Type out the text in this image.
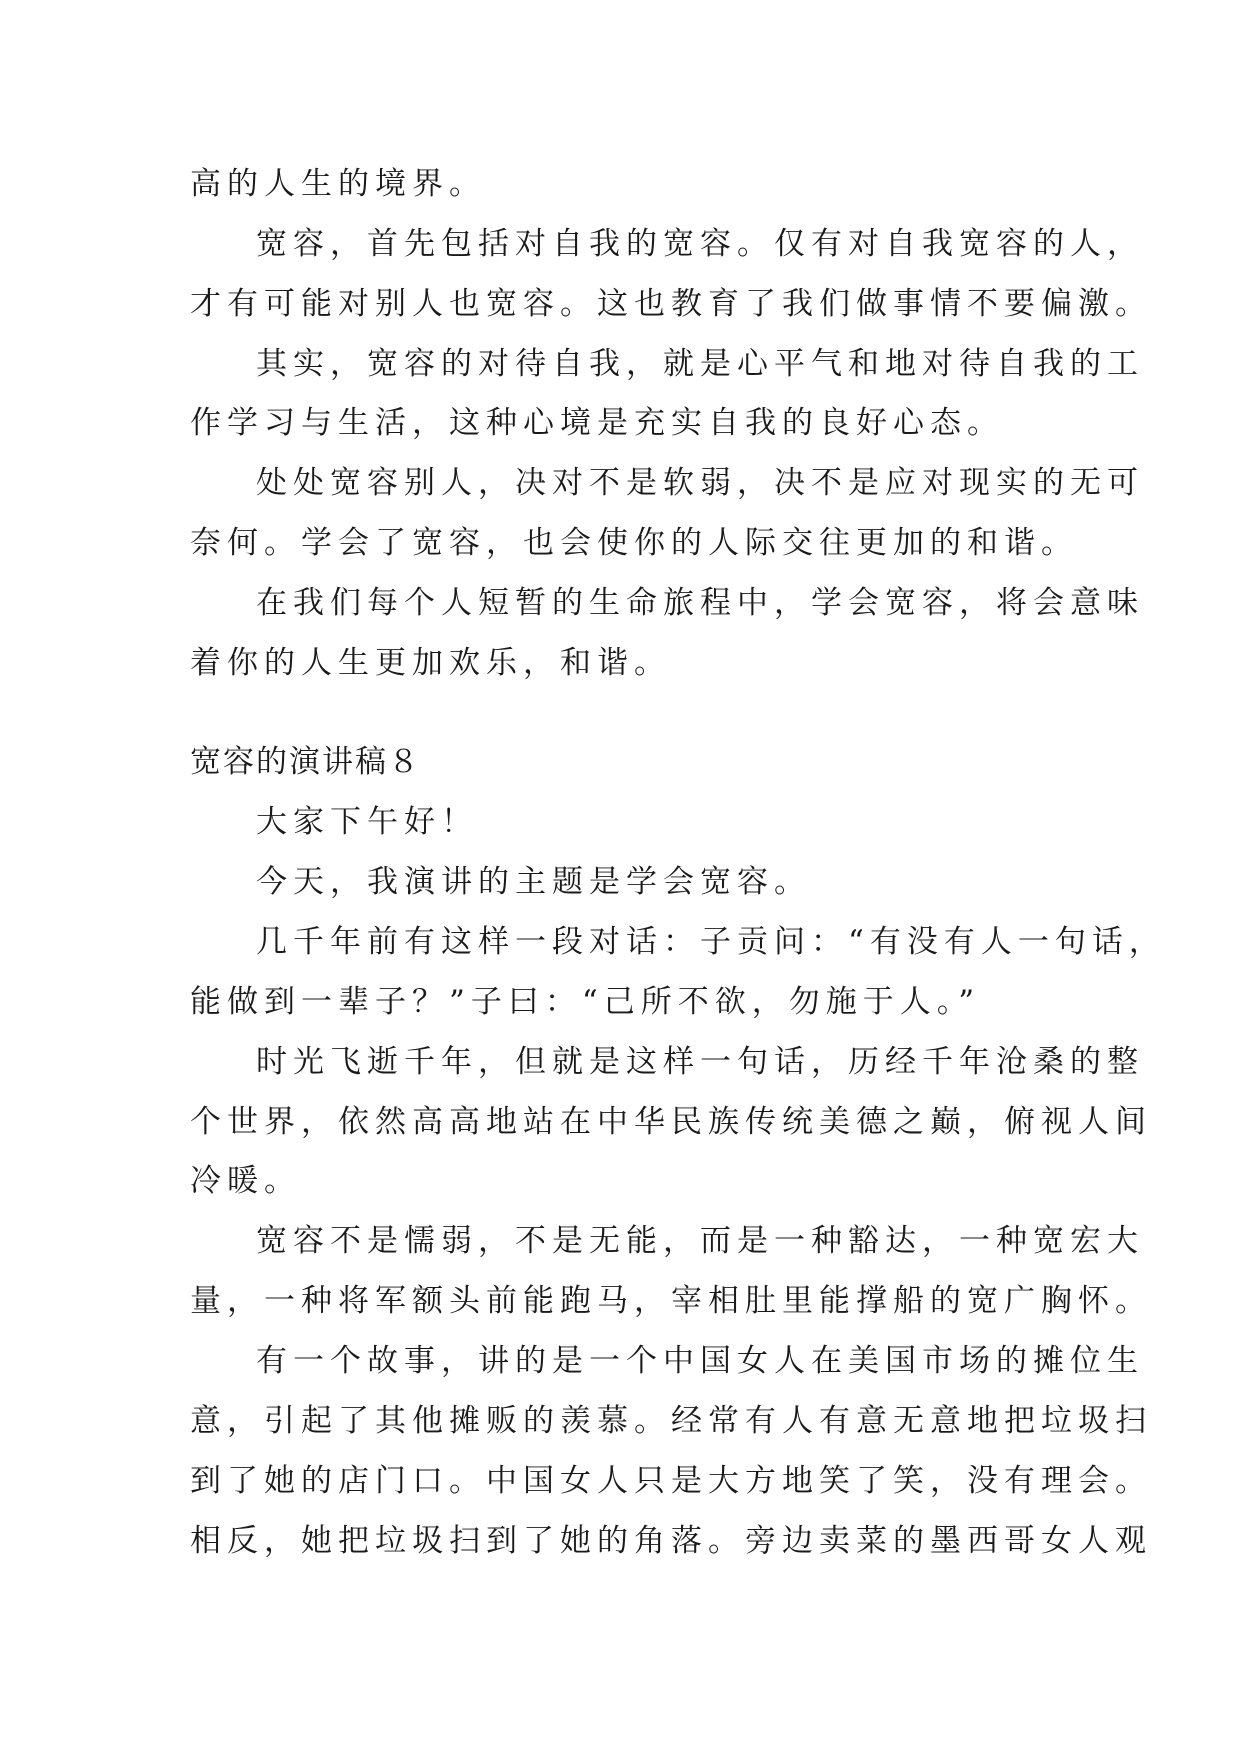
高的人生的境界。
宽容，首先包括对自我的宽容。仅有对自我宽容的人，
才有可能对别人也宽容。这也教育了我们做事情不要偏激。
其实，宽容的对待自我，就是心平气和地对待自我的工
作学习与生活，这种心境是充实自我的良好心态。
处处宽容别人，决对不是软弱，决不是应对现实的无可
奈何。学会了宽容，也会使你的人际交往更加的和谐。
在我们每个人短暂的生命旅程中，学会宽容，将会意味
着你的人生更加欢乐，和谐。
宽容的演讲稿８
大家下午好！
今天，我演讲的主题是学会宽容。
几千年前有这样一段对话：子贡问：“有没有人一句话，
能做到一辈子？”子曰：“己所不欲，勿施于人。”
时光飞逝千年，但就是这样一句话，历经千年沧桑的整
个世界，依然高高地站在中华民族传统美德之巅，俯视人间
冷暖。
宽容不是懦弱，不是无能，而是一种豁达，一种宽宏大
量，一种将军额头前能跑马，宰相肚里能撑船的宽广胸怀。
有一个故事，讲的是一个中国女人在美国市场的摊位生
意，引起了其他摊贩的羡慕。经常有人有意无意地把垃圾扫
到了她的店门口。中国女人只是大方地笑了笑，没有理会。
相反，她把垃圾扫到了她的角落。旁边卖菜的墨西哥女人观
